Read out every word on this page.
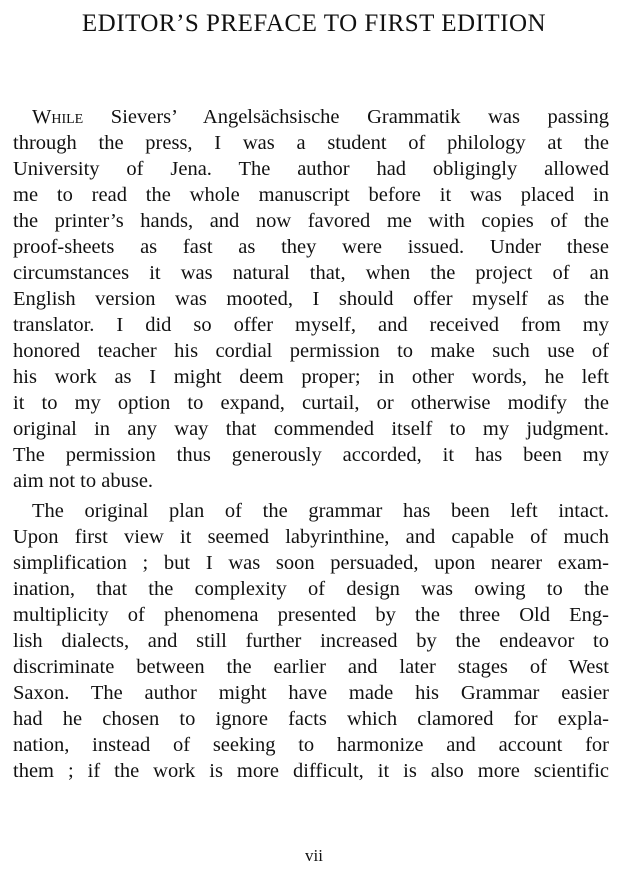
EDITOR’S PREFACE TO FIRST EDITION
While Sievers’ Angelsächsische Grammatik was passing
through the press, I was a student of philology at the
University of Jena. The author had obligingly allowed
me to read the whole manuscript before it was placed in
the printer’s hands, and now favored me with copies of the
proof-sheets as fast as they were issued. Under these
circumstances it was natural that, when the project of an
English version was mooted, I should offer myself as the
translator. I did so offer myself, and received from my
honored teacher his cordial permission to make such use of
his work as I might deem proper; in other words, he left
it to my option to expand, curtail, or otherwise modify the
original in any way that commended itself to my judgment.
The permission thus generously accorded, it has been my
aim not to abuse.
The original plan of the grammar has been left intact.
Upon first view it seemed labyrinthine, and capable of much
simplification ; but I was soon persuaded, upon nearer exam-
ination, that the complexity of design was owing to the
multiplicity of phenomena presented by the three Old Eng-
lish dialects, and still further increased by the endeavor to
discriminate between the earlier and later stages of West
Saxon. The author might have made his Grammar easier
had he chosen to ignore facts which clamored for expla-
nation, instead of seeking to harmonize and account for
them ; if the work is more difficult, it is also more scientific
vii
